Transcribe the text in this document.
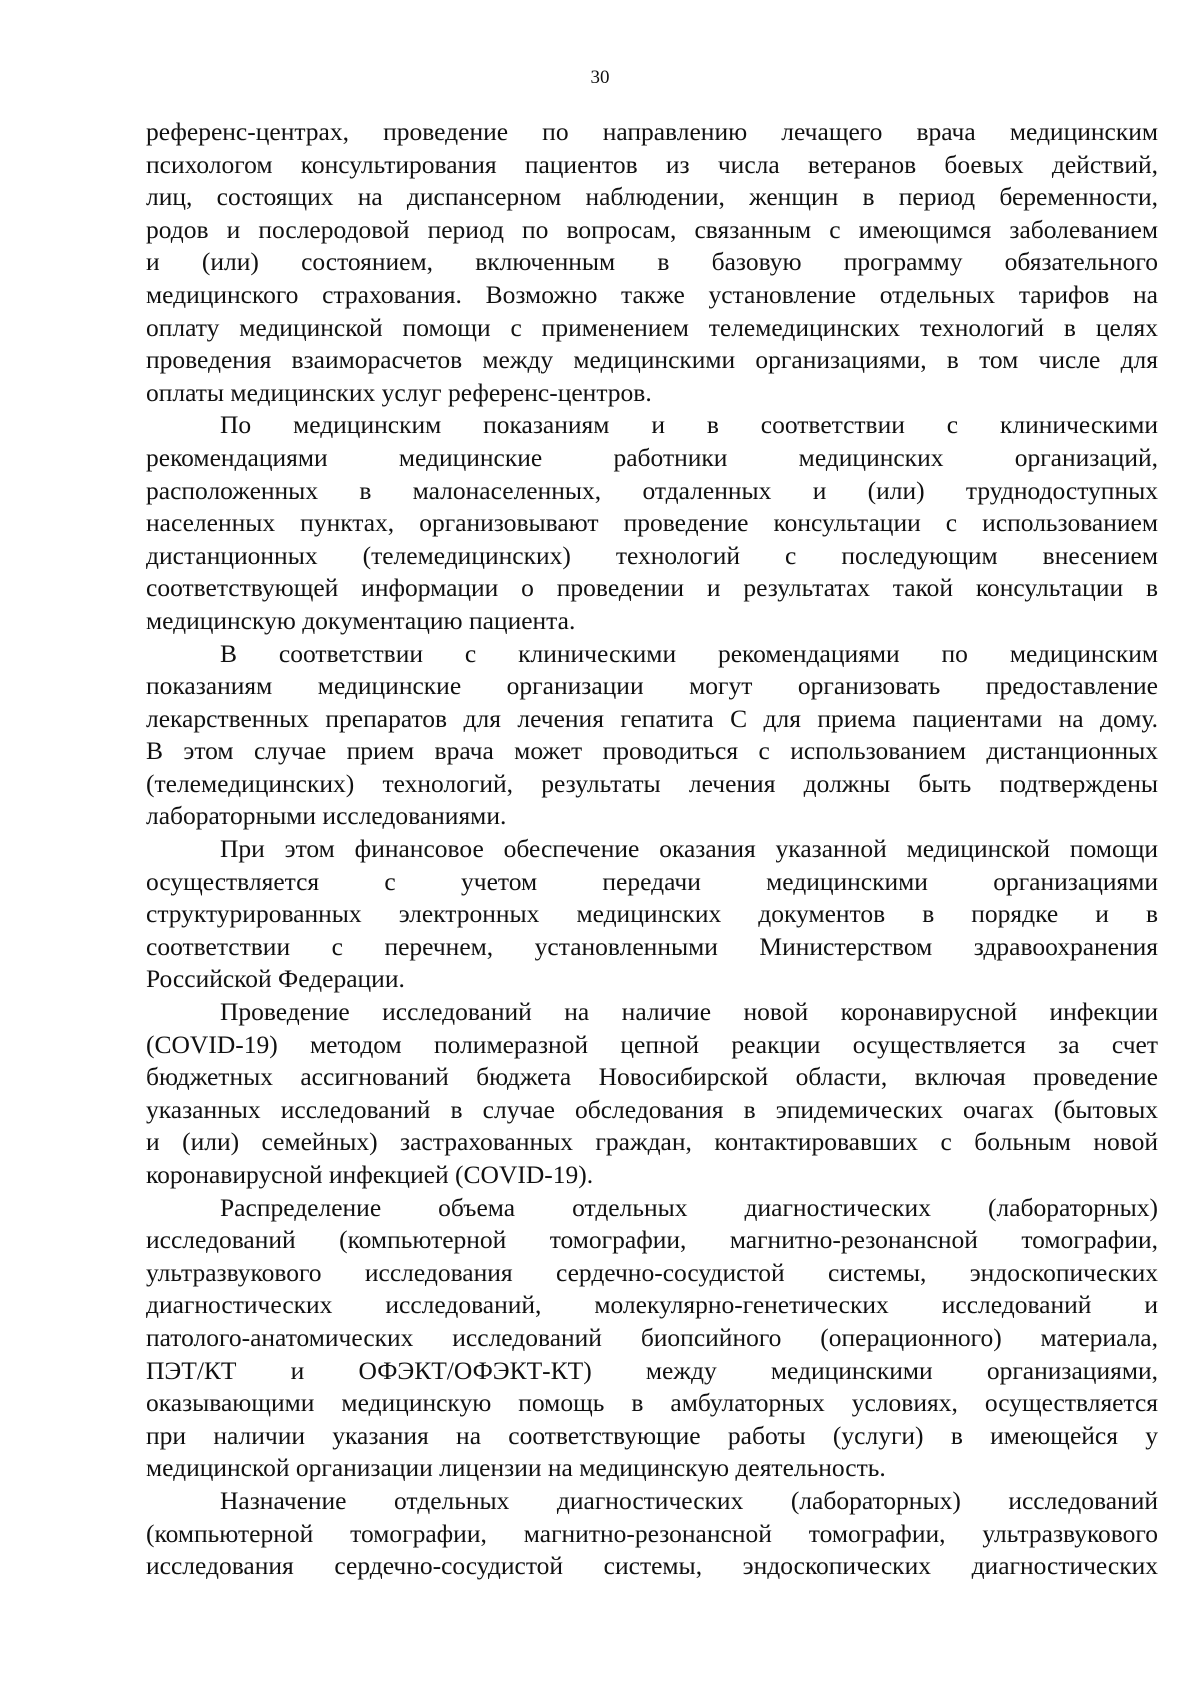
30
референс-центрах, проведение по направлению лечащего врача медицинским
психологом консультирования пациентов из числа ветеранов боевых действий,
лиц, состоящих на диспансерном наблюдении, женщин в период беременности,
родов и послеродовой период по вопросам, связанным с имеющимся заболеванием
и (или) состоянием, включенным в базовую программу обязательного
медицинского страхования. Возможно также установление отдельных тарифов на
оплату медицинской помощи с применением телемедицинских технологий в целях
проведения взаиморасчетов между медицинскими организациями, в том числе для
оплаты медицинских услуг референс-центров.
По медицинским показаниям и в соответствии с клиническими
рекомендациями медицинские работники медицинских организаций,
расположенных в малонаселенных, отдаленных и (или) труднодоступных
населенных пунктах, организовывают проведение консультации с использованием
дистанционных (телемедицинских) технологий с последующим внесением
соответствующей информации о проведении и результатах такой консультации в
медицинскую документацию пациента.
В соответствии с клиническими рекомендациями по медицинским
показаниям медицинские организации могут организовать предоставление
лекарственных препаратов для лечения гепатита С для приема пациентами на дому.
В этом случае прием врача может проводиться с использованием дистанционных
(телемедицинских) технологий, результаты лечения должны быть подтверждены
лабораторными исследованиями.
При этом финансовое обеспечение оказания указанной медицинской помощи
осуществляется с учетом передачи медицинскими организациями
структурированных электронных медицинских документов в порядке и в
соответствии с перечнем, установленными Министерством здравоохранения
Российской Федерации.
Проведение исследований на наличие новой коронавирусной инфекции
(COVID-19) методом полимеразной цепной реакции осуществляется за счет
бюджетных ассигнований бюджета Новосибирской области, включая проведение
указанных исследований в случае обследования в эпидемических очагах (бытовых
и (или) семейных) застрахованных граждан, контактировавших с больным новой
коронавирусной инфекцией (COVID-19).
Распределение объема отдельных диагностических (лабораторных)
исследований (компьютерной томографии, магнитно-резонансной томографии,
ультразвукового исследования сердечно-сосудистой системы, эндоскопических
диагностических исследований, молекулярно-генетических исследований и
патолого-анатомических исследований биопсийного (операционного) материала,
ПЭТ/КТ и ОФЭКТ/ОФЭКТ-КТ) между медицинскими организациями,
оказывающими медицинскую помощь в амбулаторных условиях, осуществляется
при наличии указания на соответствующие работы (услуги) в имеющейся у
медицинской организации лицензии на медицинскую деятельность.
Назначение отдельных диагностических (лабораторных) исследований
(компьютерной томографии, магнитно-резонансной томографии, ультразвукового
исследования сердечно-сосудистой системы, эндоскопических диагностических
